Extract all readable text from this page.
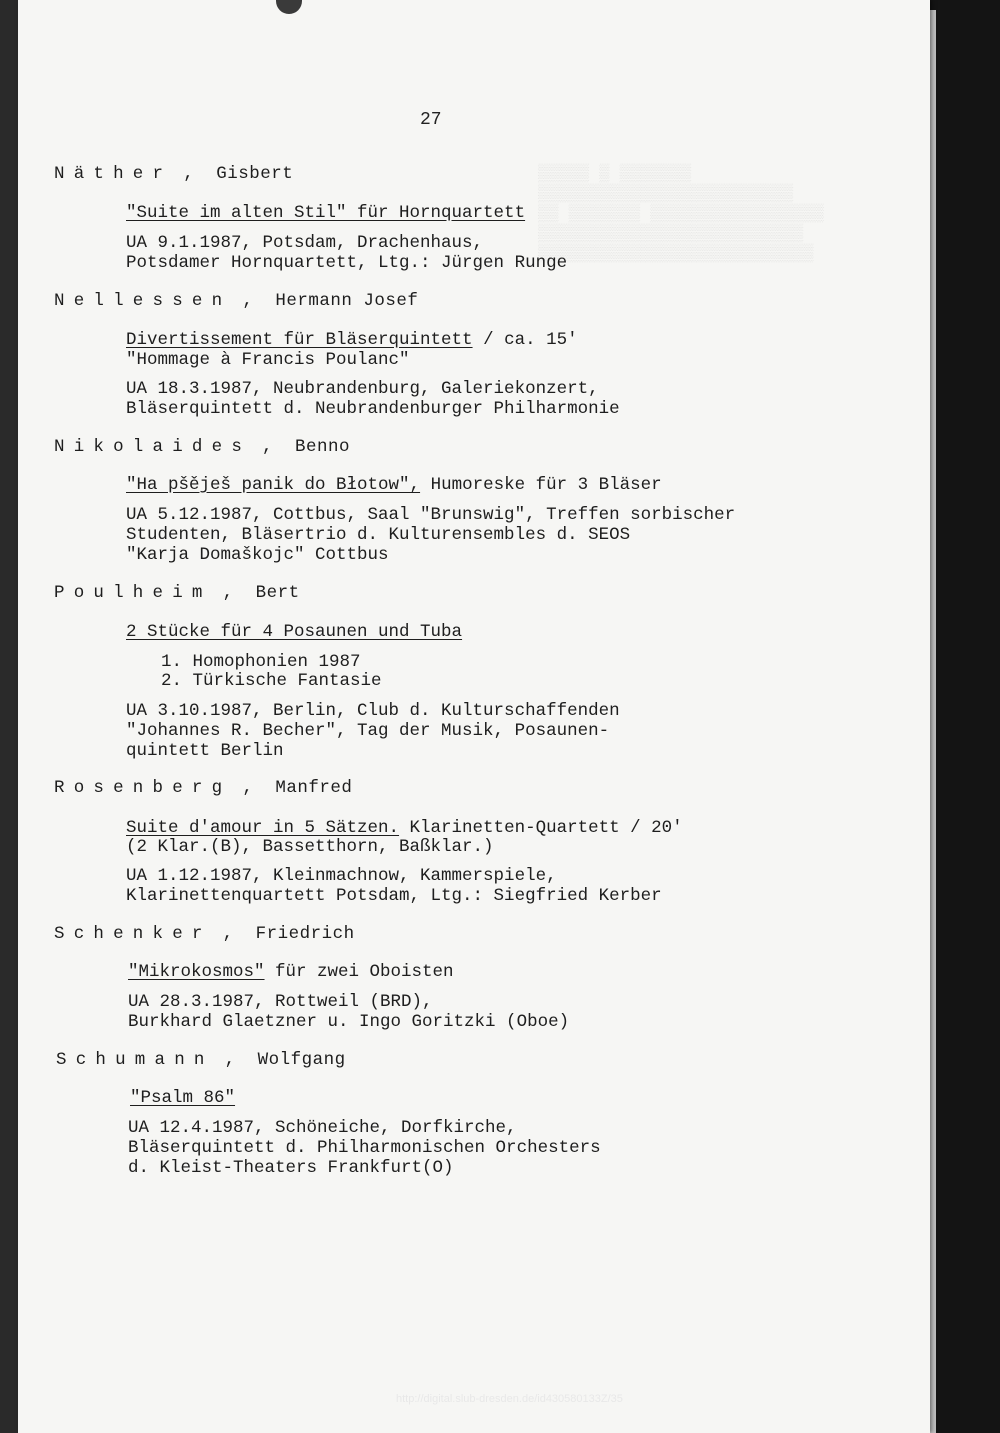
▒▒▒▒▒ ▒ ▒▒▒▒▒▒▒
▒▒▒▒▒▒▒▒▒▒▒▒▒▒▒▒▒▒▒▒▒▒▒▒▒
▒▒ ▒▒▒▒▒▒▒ ▒▒▒▒▒▒▒▒▒▒▒▒▒▒▒▒▒
▒▒▒▒▒▒▒▒▒▒▒▒▒▒▒▒▒▒▒▒▒▒▒▒▒▒
▒▒▒▒▒▒▒▒▒▒▒▒▒▒▒▒▒▒▒▒▒▒▒▒▒▒▒
27
Näther ,  Gisbert
"Suite im alten Stil" für Hornquartett
UA 9.1.1987, Potsdam, Drachenhaus,
Potsdamer Hornquartett, Ltg.: Jürgen Runge
Nellessen ,  Hermann Josef
Divertissement für Bläserquintett / ca. 15'
"Hommage à Francis Poulanc"
UA 18.3.1987, Neubrandenburg, Galeriekonzert,
Bläserquintett d. Neubrandenburger Philharmonie
Nikolaides ,  Benno
"Ha pšěješ panik do Błotow", Humoreske für 3 Bläser
UA 5.12.1987, Cottbus, Saal "Brunswig", Treffen sorbischer
Studenten, Bläsertrio d. Kulturensembles d. SEOS
"Karja Domaškojc" Cottbus
Poulheim ,  Bert
2 Stücke für 4 Posaunen und Tuba
1. Homophonien 1987
2. Türkische Fantasie
UA 3.10.1987, Berlin, Club d. Kulturschaffenden
"Johannes R. Becher", Tag der Musik, Posaunen-
quintett Berlin
Rosenberg ,  Manfred
Suite d'amour in 5 Sätzen. Klarinetten-Quartett / 20'
(2 Klar.(B), Bassetthorn, Baßklar.)
UA 1.12.1987, Kleinmachnow, Kammerspiele,
Klarinettenquartett Potsdam, Ltg.: Siegfried Kerber
Schenker ,  Friedrich
"Mikrokosmos" für zwei Oboisten
UA 28.3.1987, Rottweil (BRD),
Burkhard Glaetzner u. Ingo Goritzki (Oboe)
Schumann ,  Wolfgang
"Psalm 86"
UA 12.4.1987, Schöneiche, Dorfkirche,
Bläserquintett d. Philharmonischen Orchesters
d. Kleist-Theaters Frankfurt(O)
http://digital.slub-dresden.de/id430580133Z/35
